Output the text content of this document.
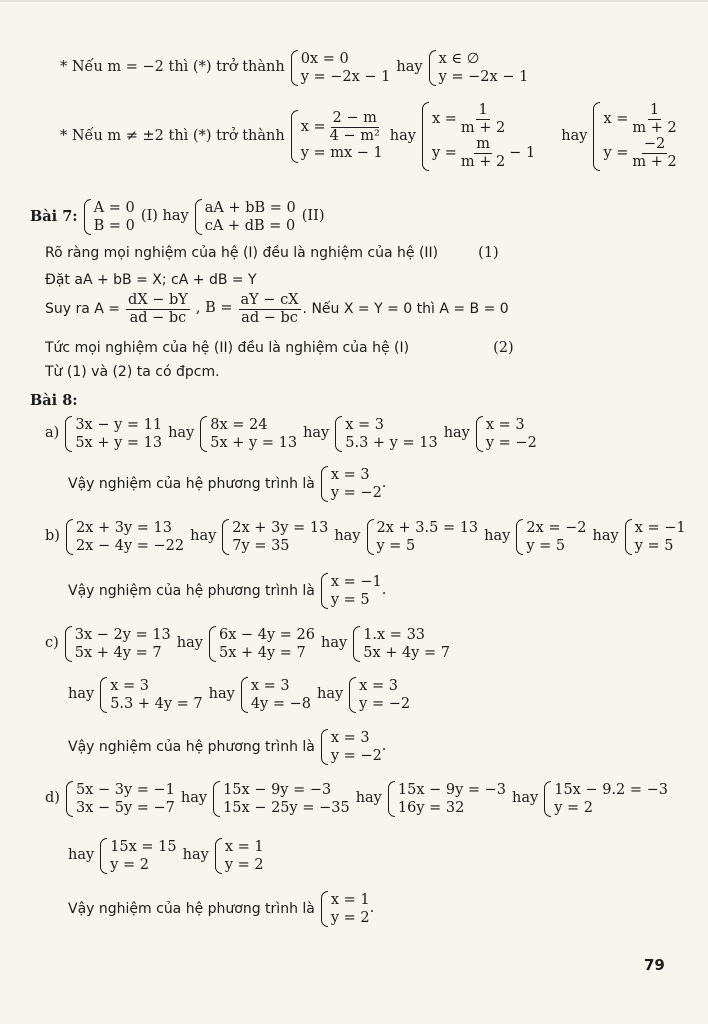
* Nếu m = −2 thì (*) trở thành
0x = 0
y = −2x − 1
hay
x ∈ ∅
y = −2x − 1
* Nếu m ≠ ±2 thì (*) trở thành
$x = \frac{2 - m}{\text{4 − m²}}$
y = mx − 1
hay
$x = \frac{1}{m + 2}$
$y = \frac{m}{m + 2} - 1$
hay
$x = \frac{1}{m + 2}$
$y = \frac{-2}{m + 2}$
Bài 7:
A = 0
B = 0
(I) hay
aA + bB = 0
cA + dB = 0
(II)
Rõ ràng mọi nghiệm của hệ (I) đều là nghiệm của hệ (II)	(1)
Đặt aA + bB = X; cA + dB = Y
Suy ra $A = \frac{dX - bY}{ad - bc}$ , $B = \frac{aY - cX}{ad - bc}$ . Nếu X = Y = 0 thì A = B = 0
Tức mọi nghiệm của hệ (II) đều là nghiệm của hệ (I)	(2)
Từ (1) và (2) ta có đpcm.
Bài 8:
a)
3x − y = 11
5x + y = 13
hay
8x = 24
5x + y = 13
hay
x = 3
5.3 + y = 13
hay
x = 3
y = −2
Vậy nghiệm của hệ phương trình là
x = 3
y = −2
.
b)
2x + 3y = 13
2x − 4y = −22
hay
2x + 3y = 13
7y = 35
hay
2x + 3.5 = 13
y = 5
hay
2x = −2
y = 5
hay
x = −1
y = 5
Vậy nghiệm của hệ phương trình là
x = −1
y = 5
.
c)
3x − 2y = 13
5x + 4y = 7
hay
6x − 4y = 26
5x + 4y = 7
hay
1.x = 33
5x + 4y = 7
hay
x = 3
5.3 + 4y = 7
hay
x = 3
4y = −8
hay
x = 3
y = −2
Vậy nghiệm của hệ phương trình là
x = 3
y = −2
.
d)
5x − 3y = −1
3x − 5y = −7
hay
15x − 9y = −3
15x − 25y = −35
hay
15x − 9y = −3
16y = 32
hay
15x − 9.2 = −3
y = 2
hay
15x = 15
y = 2
hay
x = 1
y = 2
Vậy nghiệm của hệ phương trình là
x = 1
y = 2
.
79
